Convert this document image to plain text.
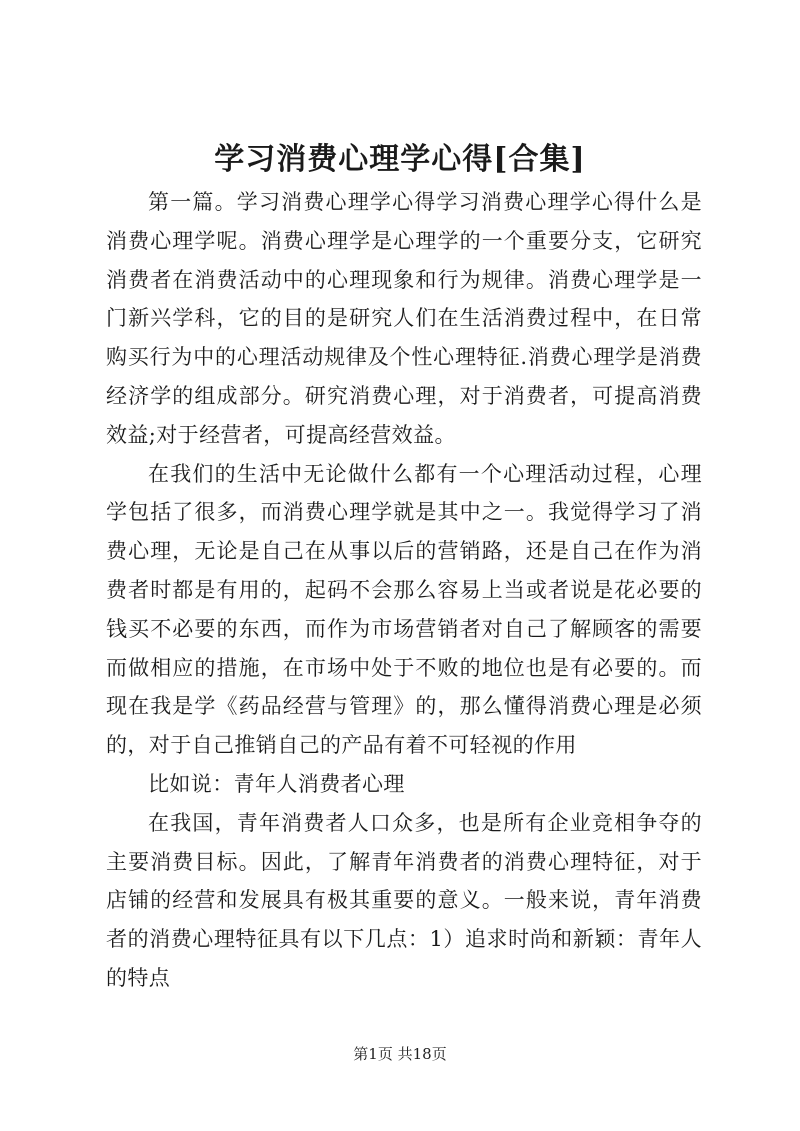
学习消费心理学心得[合集]

第一篇。学习消费心理学心得学习消费心理学心得什么是消费心理学呢。消费心理学是心理学的一个重要分支，它研究消费者在消费活动中的心理现象和行为规律。消费心理学是一门新兴学科，它的目的是研究人们在生活消费过程中，在日常购买行为中的心理活动规律及个性心理特征.消费心理学是消费经济学的组成部分。研究消费心理，对于消费者，可提高消费效益;对于经营者，可提高经营效益。

在我们的生活中无论做什么都有一个心理活动过程，心理学包括了很多，而消费心理学就是其中之一。我觉得学习了消费心理，无论是自己在从事以后的营销路，还是自己在作为消费者时都是有用的，起码不会那么容易上当或者说是花必要的钱买不必要的东西，而作为市场营销者对自己了解顾客的需要而做相应的措施，在市场中处于不败的地位也是有必要的。而现在我是学《药品经营与管理》的，那么懂得消费心理是必须的，对于自己推销自己的产品有着不可轻视的作用

比如说：青年人消费者心理

在我国，青年消费者人口众多，也是所有企业竞相争夺的主要消费目标。因此，了解青年消费者的消费心理特征，对于店铺的经营和发展具有极其重要的意义。一般来说，青年消费者的消费心理特征具有以下几点：1）追求时尚和新颖：青年人的特点

第1页 共18页
